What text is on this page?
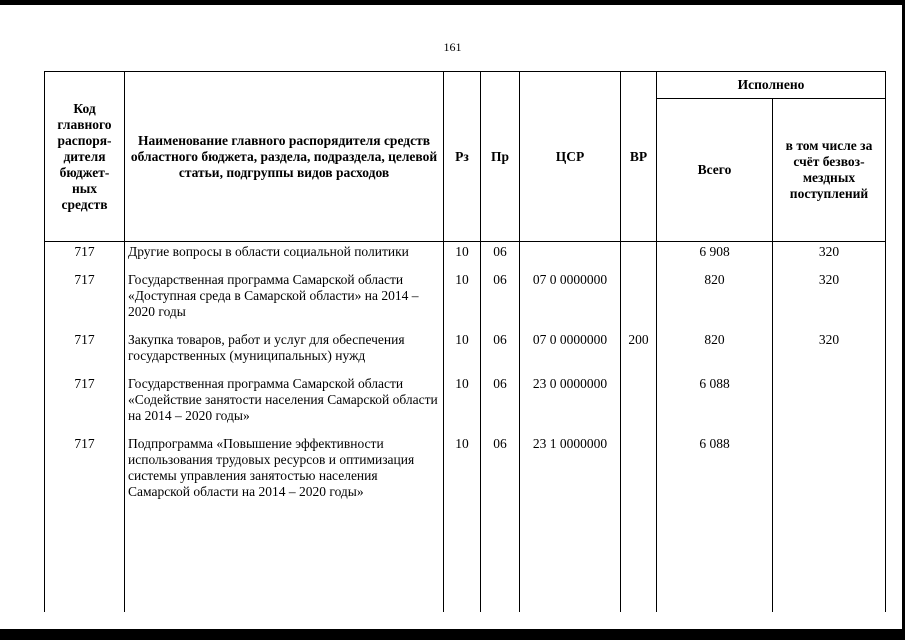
161
Код главного распоря- дителя бюджет- ных средств	Наименование главного распорядителя средств областного бюджета, раздела, подраздела, целевой статьи, подгруппы видов расходов	Рз	Пр	ЦСР	ВР	Исполнено	
						Всего	в том числе за счёт безвоз- мездных поступлений
717	Другие вопросы в области социальной политики	10	06			6 908	320
717	Государственная программа Самарской области «Доступная среда в Самарской области» на 2014 – 2020 годы	10	06	07 0 0000000		820	320
717	Закупка товаров, работ и услуг для обеспечения государственных (муниципальных) нужд	10	06	07 0 0000000	200	820	320
717	Государственная программа Самарской области «Содействие занятости населения Самарской области на 2014 – 2020 годы»	10	06	23 0 0000000		6 088	
717	Подпрограмма «Повышение эффективности использования трудовых ресурсов и оптимизация системы управления занятостью населения Самарской области на 2014 – 2020 годы»	10	06	23 1 0000000		6 088	
